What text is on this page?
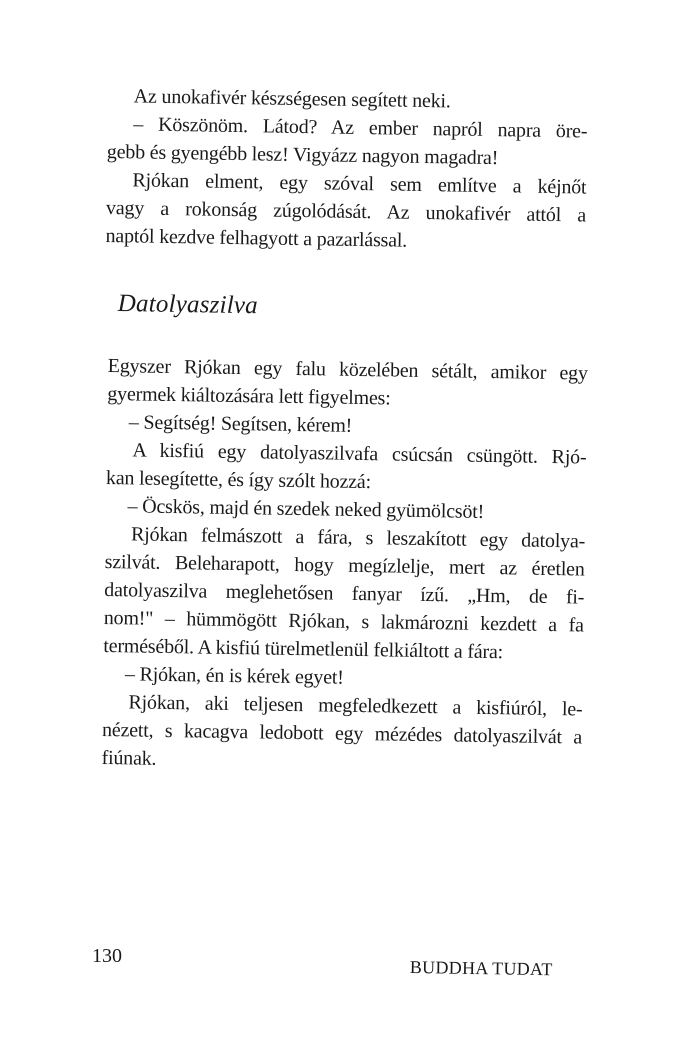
Az unokafivér készségesen segített neki.
– Köszönöm. Látod? Az ember napról napra öre-
gebb és gyengébb lesz! Vigyázz nagyon magadra!
Rjókan elment, egy szóval sem említve a kéjnőt
vagy a rokonság zúgolódását. Az unokafivér attól a
naptól kezdve felhagyott a pazarlással.
Datolyaszilva
Egyszer Rjókan egy falu közelében sétált, amikor egy
gyermek kiáltozására lett figyelmes:
– Segítség! Segítsen, kérem!
A kisfiú egy datolyaszilvafa csúcsán csüngött. Rjó-
kan lesegítette, és így szólt hozzá:
– Öcskös, majd én szedek neked gyümölcsöt!
Rjókan felmászott a fára, s leszakított egy datolya-
szilvát. Beleharapott, hogy megízlelje, mert az éretlen
datolyaszilva meglehetősen fanyar ízű. „Hm, de fi-
nom!" – hümmögött Rjókan, s lakmározni kezdett a fa
terméséből. A kisfiú türelmetlenül felkiáltott a fára:
– Rjókan, én is kérek egyet!
Rjókan, aki teljesen megfeledkezett a kisfiúról, le-
nézett, s kacagva ledobott egy mézédes datolyaszilvát a
fiúnak.
130
BUDDHA TUDAT
